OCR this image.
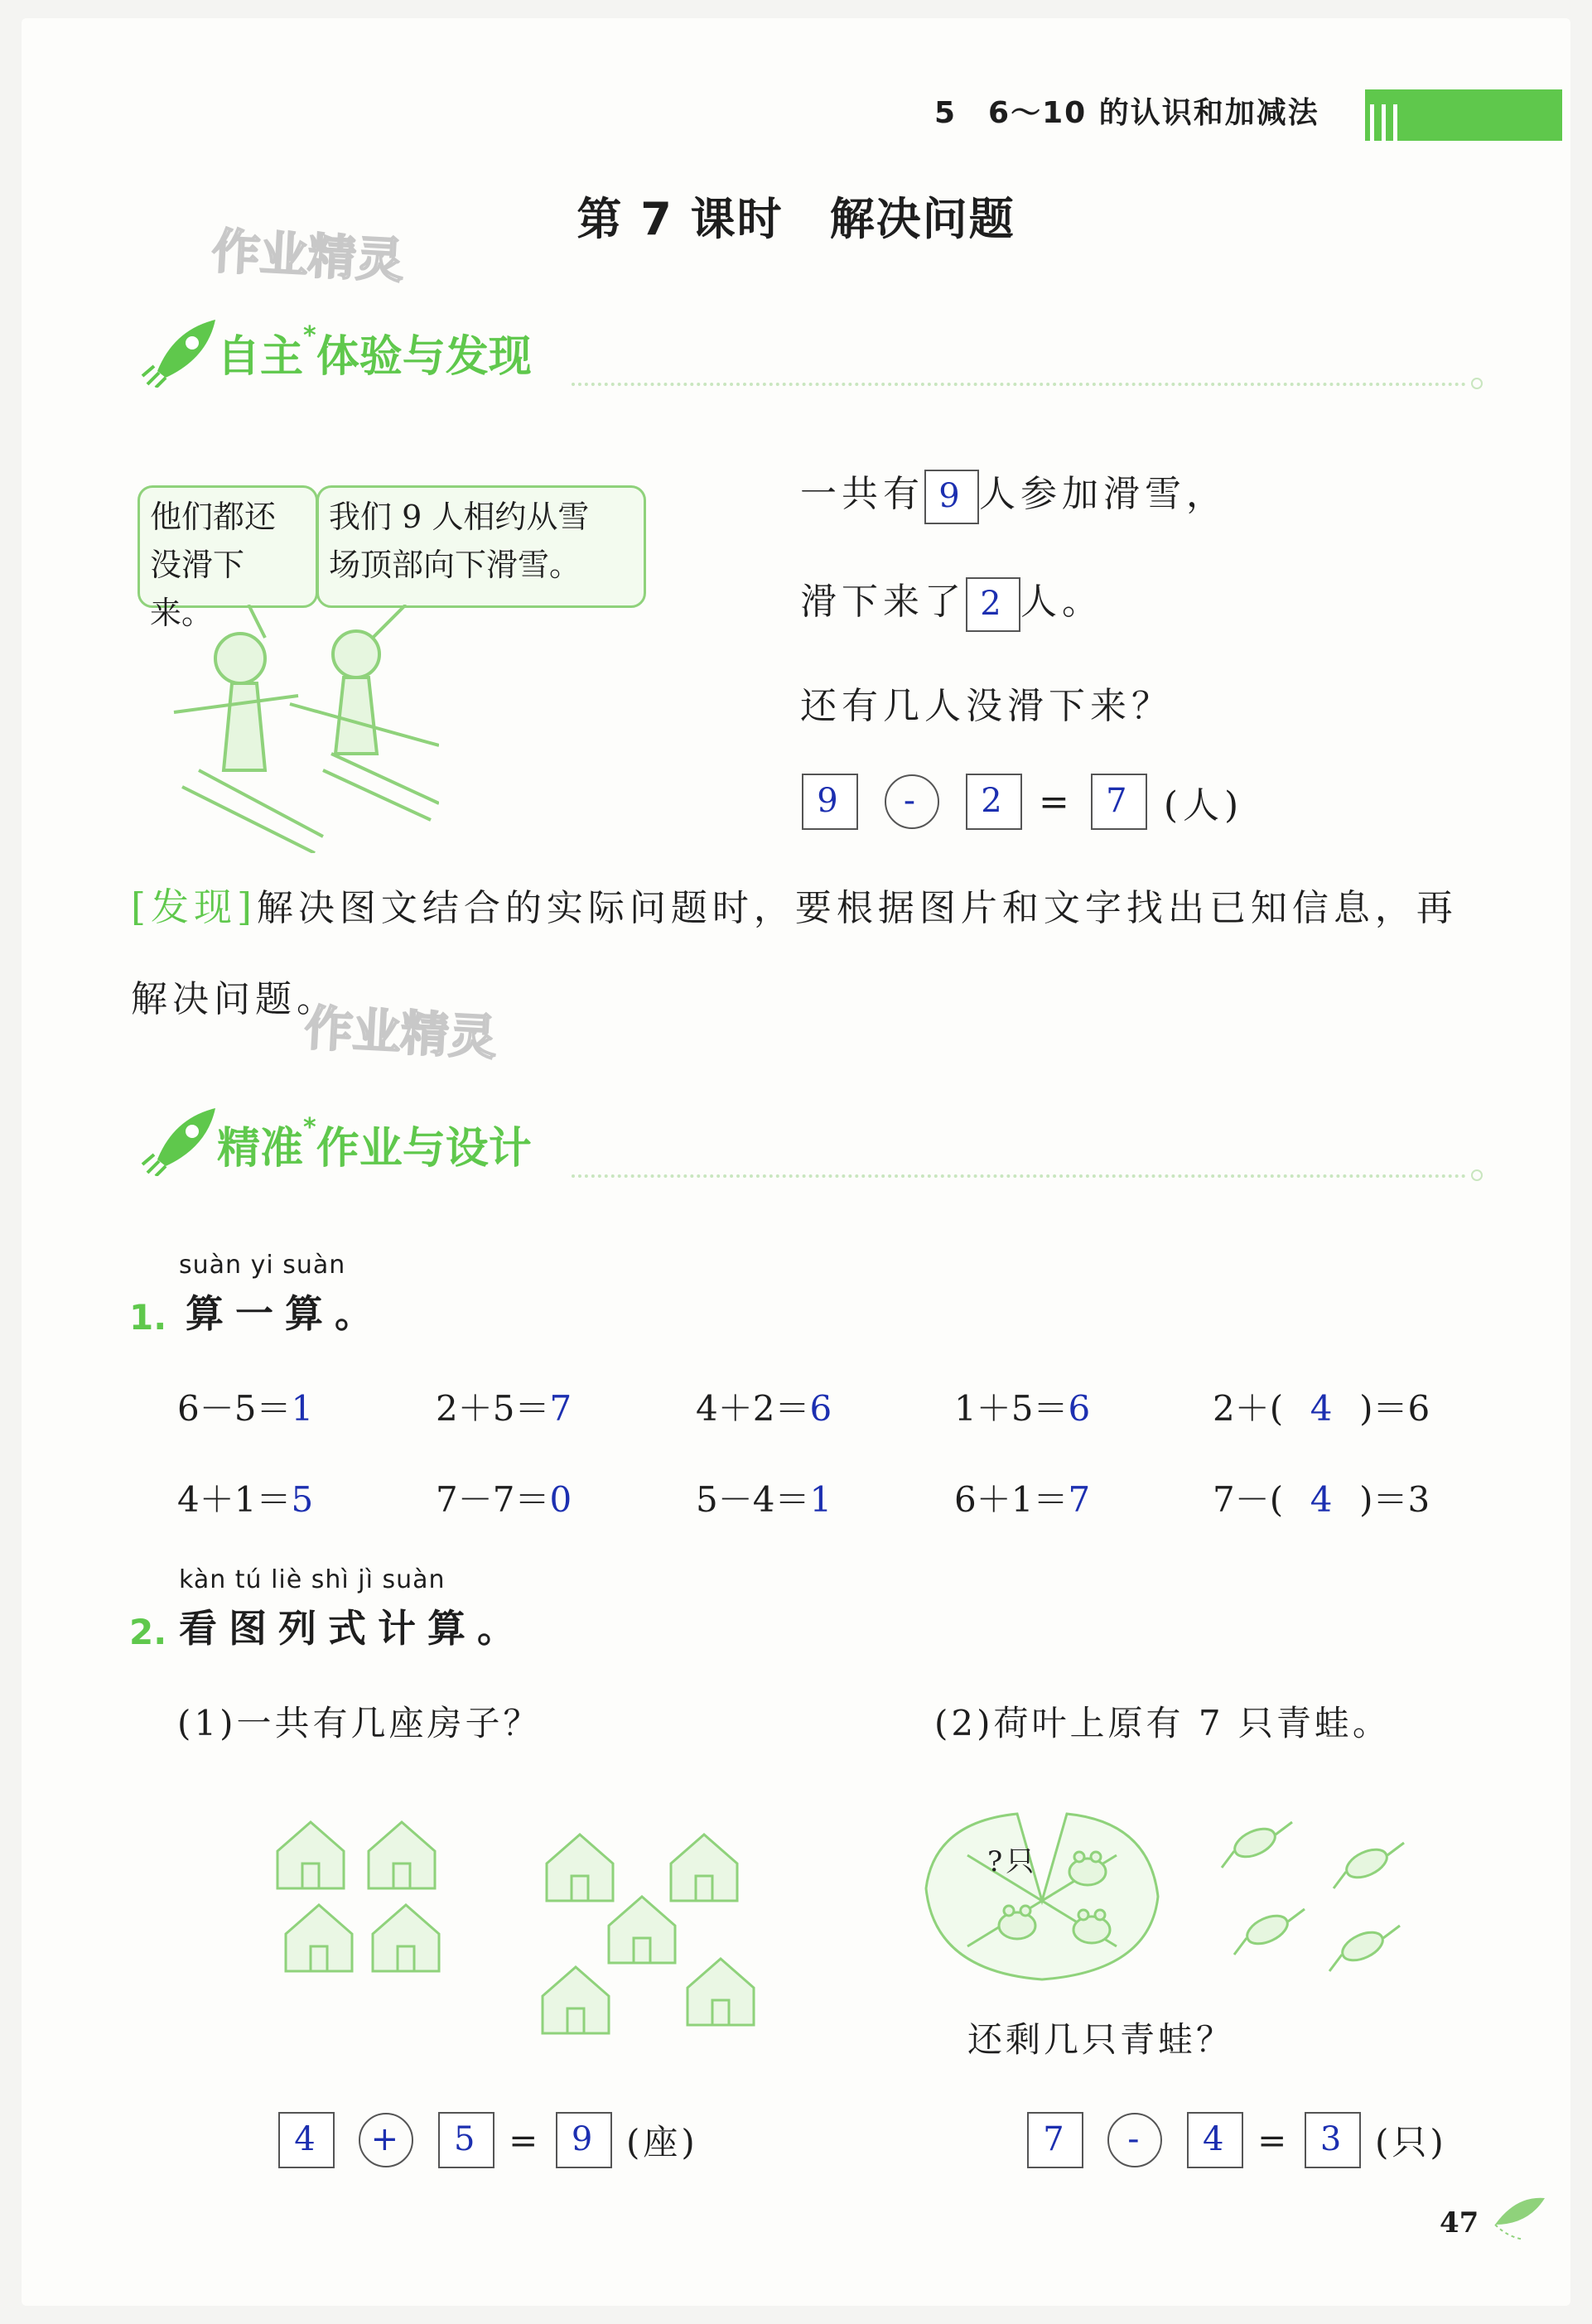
5　6～10 的认识和加减法
第 7 课时　解决问题
作业精灵
作业精灵
自主*体验与发现
他们都还
没滑下来。
我们 9 人相约从雪
场顶部向下滑雪。
一共有 9 人参加滑雪，
滑下来了 2 人。
还有几人没滑下来？
9 - 2 = 7 (人)
[发现]解决图文结合的实际问题时，要根据图片和文字找出已知信息，再
解决问题。
精准*作业与设计
suàn yi suàn
1. 算一算。
6－5＝1	2＋5＝7	4＋2＝6	1＋5＝6	2＋( 4 )＝6
4＋1＝5	7－7＝0	5－4＝1	6＋1＝7	7－( 4 )＝3
kàn tú liè shì jì suàn
2. 看图列式计算。
(1)一共有几座房子？	(2)荷叶上原有 7 只青蛙。
?只
还剩几只青蛙？
4 + 5 = 9 (座)	7 - 4 = 3 (只)
47
